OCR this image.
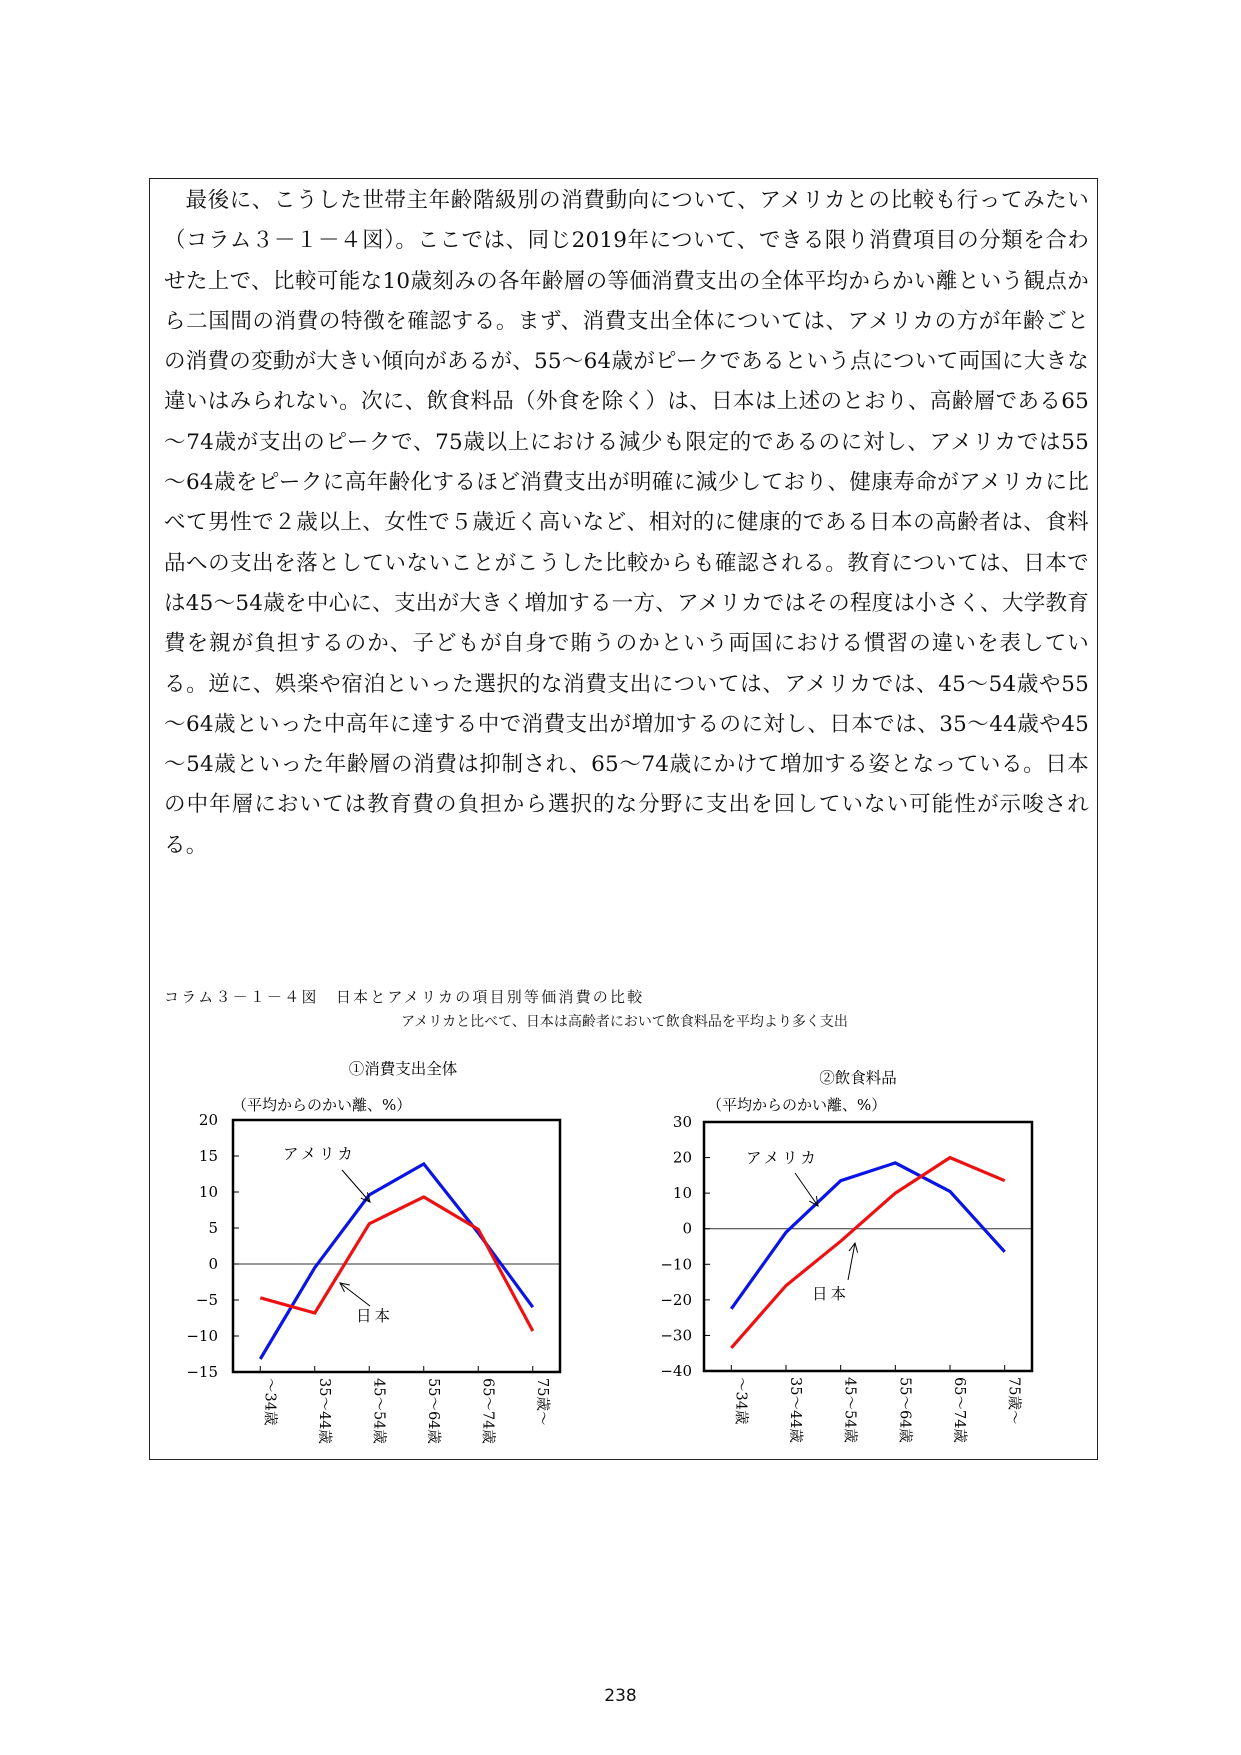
最後に、こうした世帯主年齢階級別の消費動向について、アメリカとの比較も行ってみたい（コラム３－１－４図）。ここでは、同じ2019年について、できる限り消費項目の分類を合わせた上で、比較可能な10歳刻みの各年齢層の等価消費支出の全体平均からかい離という観点から二国間の消費の特徴を確認する。まず、消費支出全体については、アメリカの方が年齢ごとの消費の変動が大きい傾向があるが、55～64歳がピークであるという点について両国に大きな違いはみられない。次に、飲食料品（外食を除く）は、日本は上述のとおり、高齢層である65～74歳が支出のピークで、75歳以上における減少も限定的であるのに対し、アメリカでは55～64歳をピークに高年齢化するほど消費支出が明確に減少しており、健康寿命がアメリカに比べて男性で２歳以上、女性で５歳近く高いなど、相対的に健康的である日本の高齢者は、食料品への支出を落としていないことがこうした比較からも確認される。教育については、日本では45～54歳を中心に、支出が大きく増加する一方、アメリカではその程度は小さく、大学教育費を親が負担するのか、子どもが自身で賄うのかという両国における慣習の違いを表している。逆に、娯楽や宿泊といった選択的な消費支出については、アメリカでは、45～54歳や55～64歳といった中高年に達する中で消費支出が増加するのに対し、日本では、35～44歳や45～54歳といった年齢層の消費は抑制され、65～74歳にかけて増加する姿となっている。日本の中年層においては教育費の負担から選択的な分野に支出を回していない可能性が示唆される。

コラム３－１－４図　日本とアメリカの項目別等価消費の比較
アメリカと比べて、日本は高齢者において飲食料品を平均より多く支出
①消費支出全体
（平均からのかい離、%）
20
15
10
5
0
−5
−10
−15
～34歳	35～44歳	45～54歳	55～64歳	65～74歳	75歳～
アメリカ
日本
②飲食料品
（平均からのかい離、%）
30
20
10
0
−10
−20
−30
−40
～34歳	35～44歳	45～54歳	55～64歳	65～74歳	75歳～
アメリカ
日本
238
